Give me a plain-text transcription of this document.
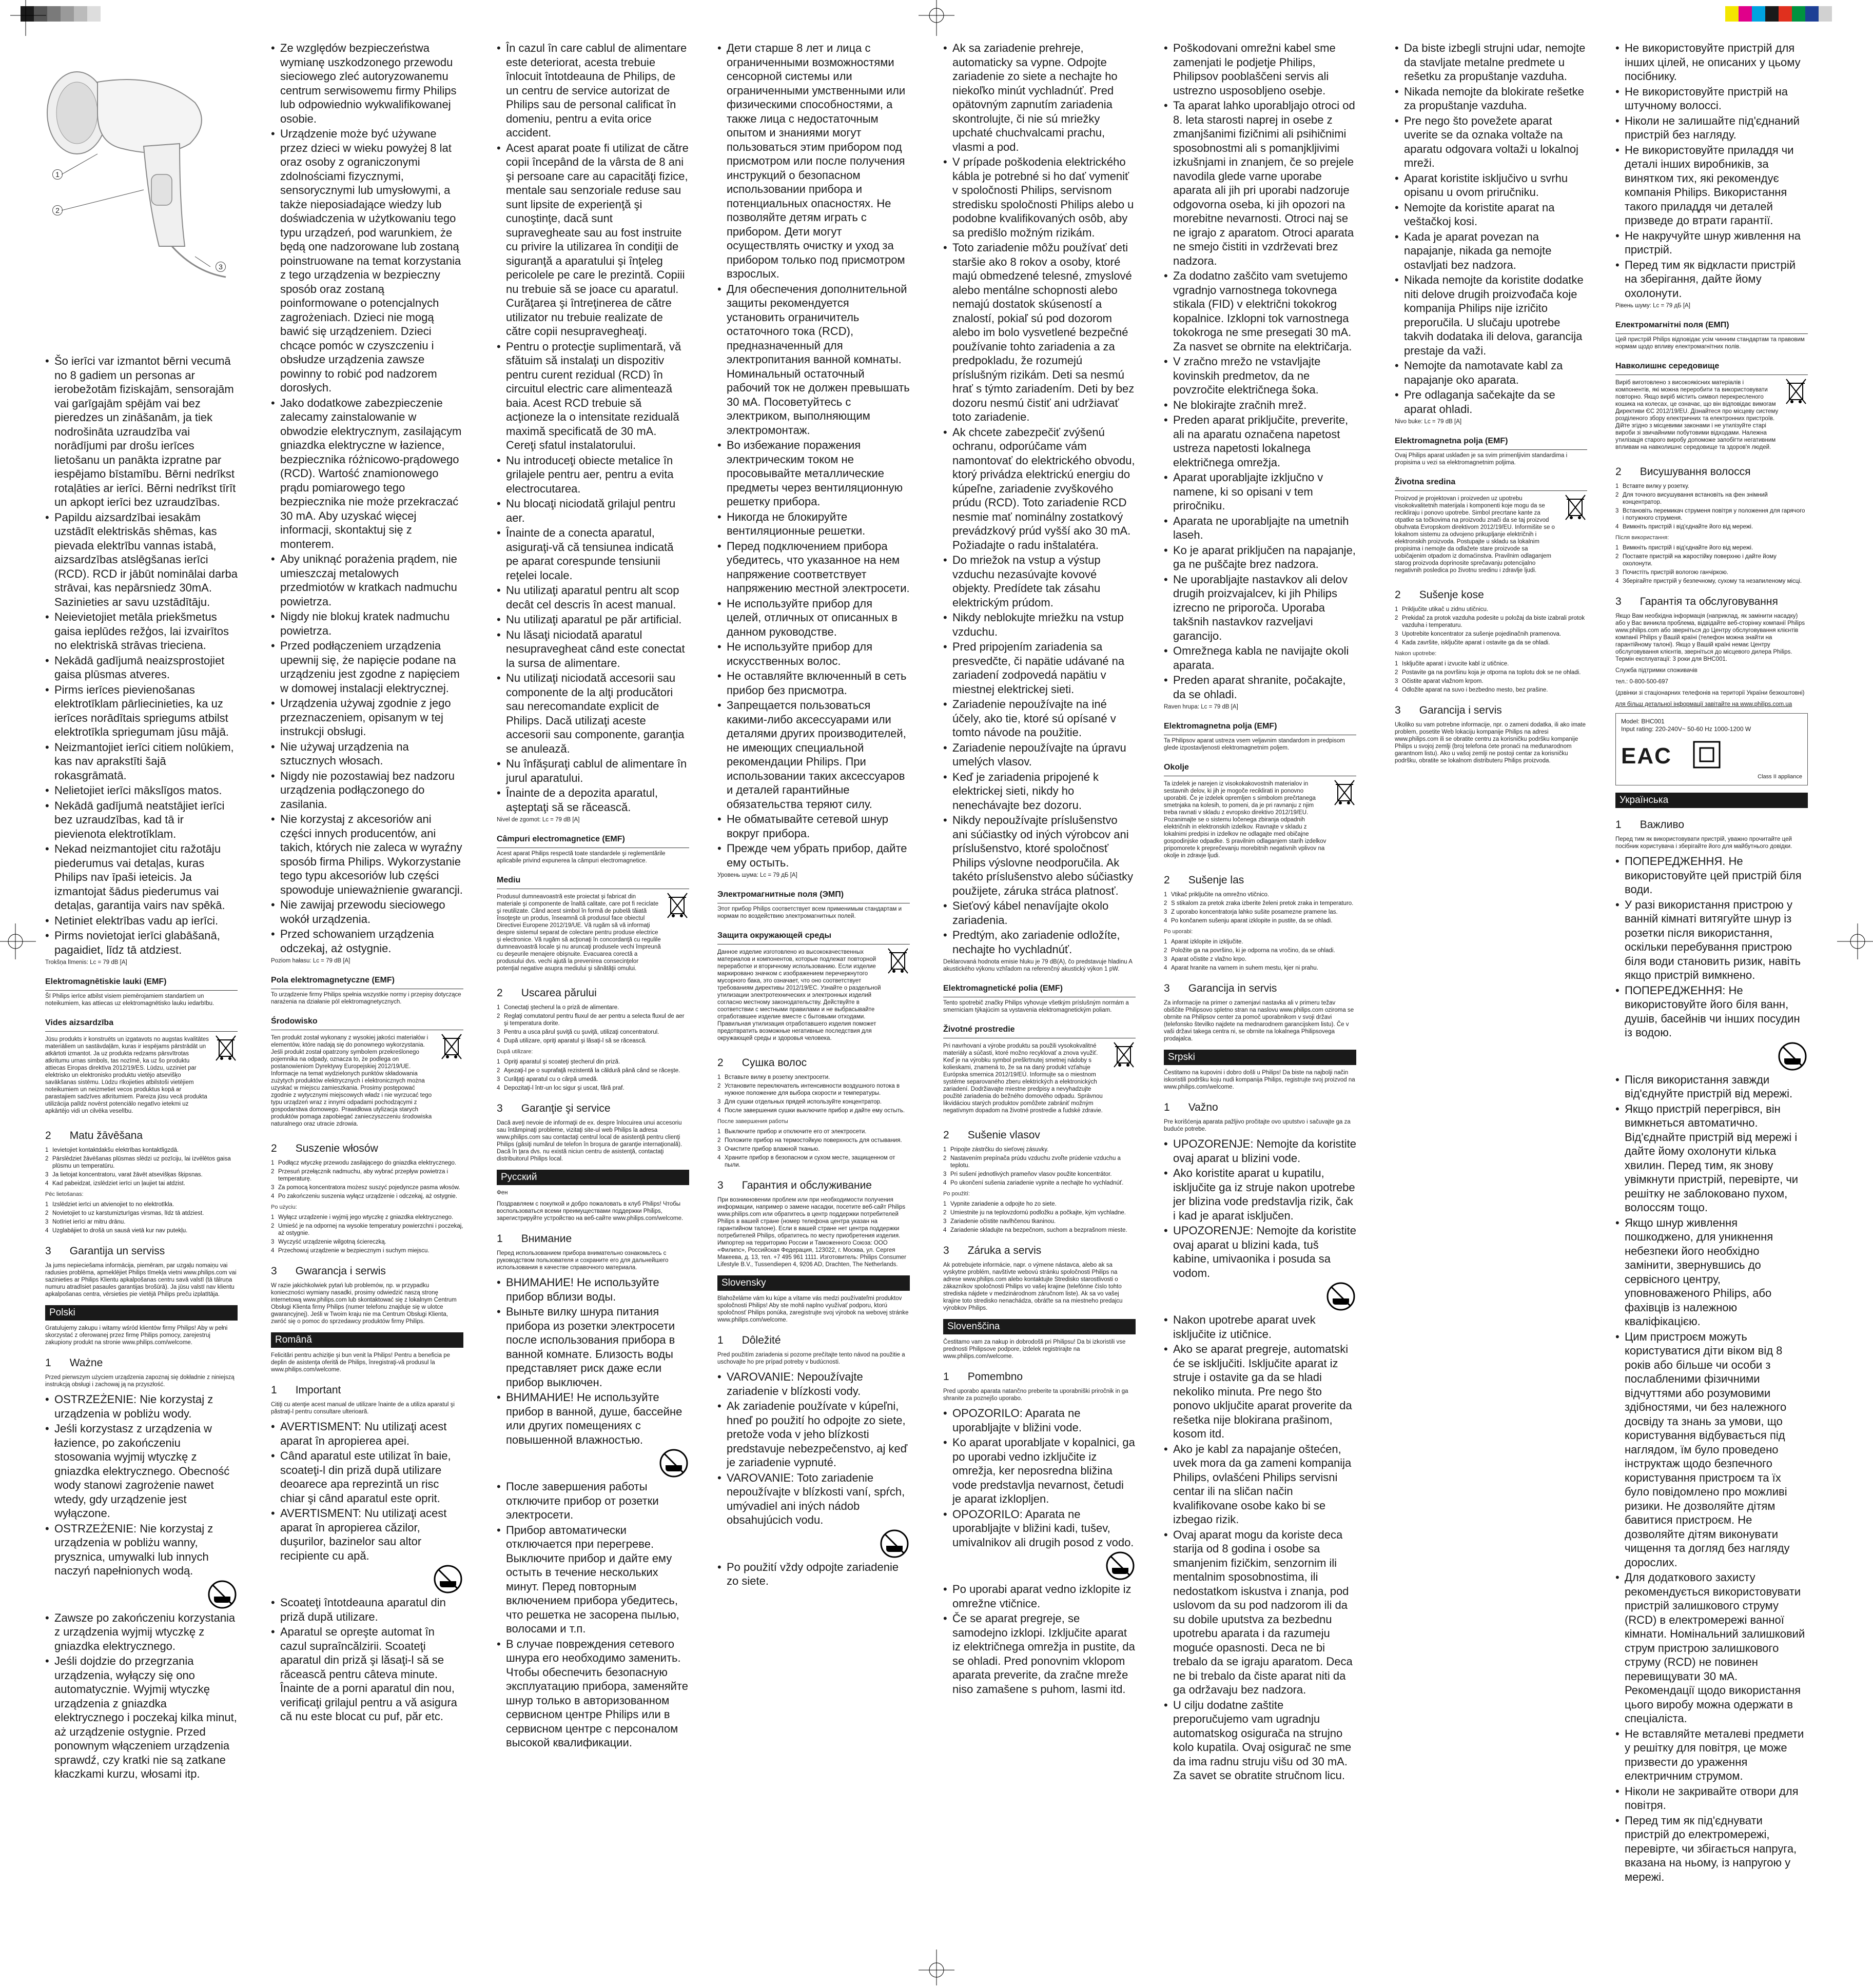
1
2
3
• Šo ierīci var izmantot bērni vecumā no 8 gadiem un personas ar ierobežotām fiziskajām, sensorajām vai garīgajām spējām vai bez pieredzes un zināšanām, ja tiek nodrošināta uzraudzība vai norādījumi par drošu ierīces lietošanu un panākta izpratne par iespējamo bīstamību. Bērni nedrīkst rotaļāties ar ierīci. Bērni nedrīkst tīrīt un apkopt ierīci bez uzraudzības.
• Papildu aizsardzībai iesakām uzstādīt elektriskās shēmas, kas pievada elektrību vannas istabā, aizsardzības atslēgšanas ierīci (RCD). RCD ir jābūt nominālai darba strāvai, kas nepārsniedz 30mA. Sazinieties ar savu uzstādītāju.
• Neievietojiet metāla priekšmetus gaisa ieplūdes režģos, lai izvairītos no elektriskā strāvas trieciena.
• Nekādā gadījumā neaizsprostojiet gaisa plūsmas atveres.
• Pirms ierīces pievienošanas elektrotīklam pārliecinieties, ka uz ierīces norādītais spriegums atbilst elektrotīkla spriegumam jūsu mājā.
• Neizmantojiet ierīci citiem nolūkiem, kas nav aprakstīti šajā rokasgrāmatā.
• Nelietojiet ierīci mākslīgos matos.
• Nekādā gadījumā neatstājiet ierīci bez uzraudzības, kad tā ir pievienota elektrotīklam.
• Nekad neizmantojiet citu ražotāju piederumus vai detaļas, kuras Philips nav īpaši ieteicis. Ja izmantojat šādus piederumus vai detaļas, garantija vairs nav spēkā.
• Netiniet elektrības vadu ap ierīci.
• Pirms novietojat ierīci glabāšanā, pagaidiet, līdz tā atdziest.
Trokšņa līmenis: Lc = 79 dB [A]
Elektromagnētiskie lauki (EMF)
Šī Philips ierīce atbilst visiem piemērojamiem standartiem un noteikumiem, kas attiecas uz elektromagnētisko lauku iedarbību.
Vides aizsardzība
Jūsu produkts ir konstruēts un izgatavots no augstas kvalitātes materiāliem un sastāvdaļām, kuras ir iespējams pārstrādāt un atkārtoti izmantot. Ja uz produkta redzams pārsvītrotas atkritumu urnas simbols, tas nozīmē, ka uz šo produktu attiecas Eiropas direktīva 2012/19/ES. Lūdzu, uzziniet par elektrisko un elektronisko produktu vietējo atsevišķo savākšanas sistēmu. Lūdzu rīkojieties atbilstoši vietējiem noteikumiem un neizmetiet vecos produktus kopā ar parastajiem sadzīves atkritumiem. Pareiza jūsu vecā produkta utilizācija palīdz novērst potenciālo negatīvo ietekmi uz apkārtējo vidi un cilvēka veselību.
2 Matu žāvēšana
1 Ievietojiet kontaktdakšu elektrības kontaktligzdā.
2 Pārslēdziet žāvēšanas plūsmas slēdzi uz pozīciju, lai izvēlētos gaisa plūsmu un temperatūru.
3 Ja lietojat koncentratoru, varat žāvēt atsevišķas šķipsnas.
4 Kad pabeidzat, izslēdziet ierīci un ļaujiet tai atdzist.
Pēc lietošanas:
1 Izslēdziet ierīci un atvienojiet to no elektrotīkla.
2 Novietojiet to uz karstumizturīgas virsmas, līdz tā atdziest.
3 Notīriet ierīci ar mitru drānu.
4 Uzglabājiet to drošā un sausā vietā kur nav putekļu.
3 Garantija un serviss
Ja jums nepieciešama informācija, piemēram, par uzgaļu nomaiņu vai radusies problēma, apmeklējiet Philips tīmekļa vietni www.philips.com vai sazinieties ar Philips Klientu apkalpošanas centru savā valstī (tā tālruņa numuru atradīsiet pasaules garantijas brošūrā). Ja jūsu valstī nav klientu apkalpošanas centra, vērsieties pie vietējā Philips preču izplatītāja.
Polski
Gratulujemy zakupu i witamy wśród klientów firmy Philips! Aby w pełni skorzystać z oferowanej przez firmę Philips pomocy, zarejestruj zakupiony produkt na stronie www.philips.com/welcome.
1 Ważne
Przed pierwszym użyciem urządzenia zapoznaj się dokładnie z niniejszą instrukcją obsługi i zachowaj ją na przyszłość.
• OSTRZEŻENIE: Nie korzystaj z urządzenia w pobliżu wody.
• Jeśli korzystasz z urządzenia w łazience, po zakończeniu stosowania wyjmij wtyczkę z gniazdka elektrycznego. Obecność wody stanowi zagrożenie nawet wtedy, gdy urządzenie jest wyłączone.
• OSTRZEŻENIE: Nie korzystaj z urządzenia w pobliżu wanny, prysznica, umywalki lub innych naczyń napełnionych wodą.
• Zawsze po zakończeniu korzystania z urządzenia wyjmij wtyczkę z gniazdka elektrycznego.
• Jeśli dojdzie do przegrzania urządzenia, wyłączy się ono automatycznie. Wyjmij wtyczkę urządzenia z gniazdka elektrycznego i poczekaj kilka minut, aż urządzenie ostygnie. Przed ponownym włączeniem urządzenia sprawdź, czy kratki nie są zatkane kłaczkami kurzu, włosami itp.
• Ze względów bezpieczeństwa wymianę uszkodzonego przewodu sieciowego zleć autoryzowanemu centrum serwisowemu firmy Philips lub odpowiednio wykwalifikowanej osobie.
• Urządzenie może być używane przez dzieci w wieku powyżej 8 lat oraz osoby z ograniczonymi zdolnościami fizycznymi, sensorycznymi lub umysłowymi, a także nieposiadające wiedzy lub doświadczenia w użytkowaniu tego typu urządzeń, pod warunkiem, że będą one nadzorowane lub zostaną poinstruowane na temat korzystania z tego urządzenia w bezpieczny sposób oraz zostaną poinformowane o potencjalnych zagrożeniach. Dzieci nie mogą bawić się urządzeniem. Dzieci chcące pomóc w czyszczeniu i obsłudze urządzenia zawsze powinny to robić pod nadzorem dorosłych.
• Jako dodatkowe zabezpieczenie zalecamy zainstalowanie w obwodzie elektrycznym, zasilającym gniazdka elektryczne w łazience, bezpiecznika różnicowo-prądowego (RCD). Wartość znamionowego prądu pomiarowego tego bezpiecznika nie może przekraczać 30 mA. Aby uzyskać więcej informacji, skontaktuj się z monterem.
• Aby uniknąć porażenia prądem, nie umieszczaj metalowych przedmiotów w kratkach nadmuchu powietrza.
• Nigdy nie blokuj kratek nadmuchu powietrza.
• Przed podłączeniem urządzenia upewnij się, że napięcie podane na urządzeniu jest zgodne z napięciem w domowej instalacji elektrycznej.
• Urządzenia używaj zgodnie z jego przeznaczeniem, opisanym w tej instrukcji obsługi.
• Nie używaj urządzenia na sztucznych włosach.
• Nigdy nie pozostawiaj bez nadzoru urządzenia podłączonego do zasilania.
• Nie korzystaj z akcesoriów ani części innych producentów, ani takich, których nie zaleca w wyraźny sposób firma Philips. Wykorzystanie tego typu akcesoriów lub części spowoduje unieważnienie gwarancji.
• Nie zawijaj przewodu sieciowego wokół urządzenia.
• Przed schowaniem urządzenia odczekaj, aż ostygnie.
Poziom hałasu: Lc = 79 dB [A]
Pola elektromagnetyczne (EMF)
To urządzenie firmy Philips spełnia wszystkie normy i przepisy dotyczące narażenia na działanie pól elektromagnetycznych.
Środowisko
Ten produkt został wykonany z wysokiej jakości materiałów i elementów, które nadają się do ponownego wykorzystania. Jeśli produkt został opatrzony symbolem przekreślonego pojemnika na odpady, oznacza to, że podlega on postanowieniom Dyrektywy Europejskiej 2012/19/UE. Informacje na temat wydzielonych punktów składowania zużytych produktów elektrycznych i elektronicznych można uzyskać w miejscu zamieszkania. Prosimy postępować zgodnie z wytycznymi miejscowych władz i nie wyrzucać tego typu urządzeń wraz z innymi odpadami pochodzącymi z gospodarstwa domowego. Prawidłowa utylizacja starych produktów pomaga zapobiegać zanieczyszczeniu środowiska naturalnego oraz utracie zdrowia.
2 Suszenie włosów
1 Podłącz wtyczkę przewodu zasilającego do gniazdka elektrycznego.
2 Przesuń przełącznik nadmuchu, aby wybrać przepływ powietrza i temperaturę.
3 Za pomocą koncentratora możesz suszyć pojedyncze pasma włosów.
4 Po zakończeniu suszenia wyłącz urządzenie i odczekaj, aż ostygnie.
Po użyciu:
1 Wyłącz urządzenie i wyjmij jego wtyczkę z gniazdka elektrycznego.
2 Umieść je na odpornej na wysokie temperatury powierzchni i poczekaj, aż ostygnie.
3 Wyczyść urządzenie wilgotną ściereczką.
4 Przechowuj urządzenie w bezpiecznym i suchym miejscu.
3 Gwarancja i serwis
W razie jakichkolwiek pytań lub problemów, np. w przypadku konieczności wymiany nasadki, prosimy odwiedzić naszą stronę internetową www.philips.com lub skontaktować się z lokalnym Centrum Obsługi Klienta firmy Philips (numer telefonu znajduje się w ulotce gwarancyjnej). Jeśli w Twoim kraju nie ma Centrum Obsługi Klienta, zwróć się o pomoc do sprzedawcy produktów firmy Philips.
Română
Felicitări pentru achiziţie şi bun venit la Philips! Pentru a beneficia pe deplin de asistenţa oferită de Philips, înregistraţi-vă produsul la www.philips.com/welcome.
1 Important
Citiţi cu atenţie acest manual de utilizare înainte de a utiliza aparatul şi păstraţi-l pentru consultare ulterioară.
• AVERTISMENT: Nu utilizaţi acest aparat în apropierea apei.
• Când aparatul este utilizat în baie, scoateţi-l din priză după utilizare deoarece apa reprezintă un risc chiar şi când aparatul este oprit.
• AVERTISMENT: Nu utilizaţi acest aparat în apropierea căzilor, duşurilor, bazinelor sau altor recipiente cu apă.
• Scoateţi întotdeauna aparatul din priză după utilizare.
• Aparatul se opreşte automat în cazul supraîncălzirii. Scoateţi aparatul din priză şi lăsaţi-l să se răcească pentru câteva minute. Înainte de a porni aparatul din nou, verificaţi grilajul pentru a vă asigura că nu este blocat cu puf, păr etc.
• În cazul în care cablul de alimentare este deteriorat, acesta trebuie înlocuit întotdeauna de Philips, de un centru de service autorizat de Philips sau de personal calificat în domeniu, pentru a evita orice accident.
• Acest aparat poate fi utilizat de către copii începând de la vârsta de 8 ani şi persoane care au capacităţi fizice, mentale sau senzoriale reduse sau sunt lipsite de experienţă şi cunoştinţe, dacă sunt supravegheate sau au fost instruite cu privire la utilizarea în condiţii de siguranţă a aparatului şi înţeleg pericolele pe care le prezintă. Copiii nu trebuie să se joace cu aparatul. Curăţarea şi întreţinerea de către utilizator nu trebuie realizate de către copii nesupravegheaţi.
• Pentru o protecţie suplimentară, vă sfătuim să instalaţi un dispozitiv pentru curent rezidual (RCD) în circuitul electric care alimentează baia. Acest RCD trebuie să acţioneze la o intensitate reziduală maximă specificată de 30 mA. Cereţi sfatul instalatorului.
• Nu introduceţi obiecte metalice în grilajele pentru aer, pentru a evita electrocutarea.
• Nu blocaţi niciodată grilajul pentru aer.
• Înainte de a conecta aparatul, asiguraţi-vă că tensiunea indicată pe aparat corespunde tensiunii reţelei locale.
• Nu utilizaţi aparatul pentru alt scop decât cel descris în acest manual.
• Nu utilizaţi aparatul pe păr artificial.
• Nu lăsaţi niciodată aparatul nesupravegheat când este conectat la sursa de alimentare.
• Nu utilizaţi niciodată accesorii sau componente de la alţi producători sau nerecomandate explicit de Philips. Dacă utilizaţi aceste accesorii sau componente, garanţia se anulează.
• Nu înfăşuraţi cablul de alimentare în jurul aparatului.
• Înainte de a depozita aparatul, aşteptaţi să se răcească.
Nivel de zgomot: Lc = 79 dB [A]
Câmpuri electromagnetice (EMF)
Acest aparat Philips respectă toate standardele şi reglementările aplicabile privind expunerea la câmpuri electromagnetice.
Mediu
Produsul dumneavoastră este proiectat şi fabricat din materiale şi componente de înaltă calitate, care pot fi reciclate şi reutilizate. Când acest simbol în formă de pubelă tăiată însoţeşte un produs, înseamnă că produsul face obiectul Directivei Europene 2012/19/UE. Vă rugăm să vă informaţi despre sistemul separat de colectare pentru produse electrice şi electronice. Vă rugăm să acţionaţi în concordanţă cu regulile dumneavoastră locale şi nu aruncaţi produsele vechi împreună cu deşeurile menajere obişnuite. Evacuarea corectă a produsului dvs. vechi ajută la prevenirea consecinţelor potenţial negative asupra mediului şi sănătăţii omului.
2 Uscarea părului
1 Conectaţi ştecherul la o priză de alimentare.
2 Reglaţi comutatorul pentru fluxul de aer pentru a selecta fluxul de aer şi temperatura dorite.
3 Pentru a usca părul şuviţă cu şuviţă, utilizaţi concentratorul.
4 După utilizare, opriţi aparatul şi lăsaţi-l să se răcească.
După utilizare:
1 Opriţi aparatul şi scoateţi ştecherul din priză.
2 Aşezaţi-l pe o suprafaţă rezistentă la căldură până când se răceşte.
3 Curăţaţi aparatul cu o cârpă umedă.
4 Depozitaţi-l într-un loc sigur şi uscat, fără praf.
3 Garanţie şi service
Dacă aveţi nevoie de informaţii de ex. despre înlocuirea unui accesoriu sau întâmpinaţi probleme, vizitaţi site-ul web Philips la adresa www.philips.com sau contactaţi centrul local de asistenţă pentru clienţi Philips (găsiţi numărul de telefon în broşura de garanţie internaţională). Dacă în ţara dvs. nu există niciun centru de asistenţă, contactaţi distribuitorul Philips local.
Русский
Фен
Поздравляем с покупкой и добро пожаловать в клуб Philips! Чтобы воспользоваться всеми преимуществами поддержки Philips, зарегистрируйте устройство на веб-сайте www.philips.com/welcome.
1 Внимание
Перед использованием прибора внимательно ознакомьтесь с руководством пользователя и сохраните его для дальнейшего использования в качестве справочного материала.
• ВНИМАНИЕ! Не используйте прибор вблизи воды.
• Выньте вилку шнура питания прибора из розетки электросети после использования прибора в ванной комнате. Близость воды представляет риск даже если прибор выключен.
• ВНИМАНИЕ! Не используйте прибор в ванной, душе, бассейне или других помещениях с повышенной влажностью.
• После завершения работы отключите прибор от розетки электросети.
• Прибор автоматически отключается при перегреве. Выключите прибор и дайте ему остыть в течение нескольких минут. Перед повторным включением прибора убедитесь, что решетка не засорена пылью, волосами и т.п.
• В случае повреждения сетевого шнура его необходимо заменить. Чтобы обеспечить безопасную эксплуатацию прибора, заменяйте шнур только в авторизованном сервисном центре Philips или в сервисном центре с персоналом высокой квалификации.
• Дети старше 8 лет и лица с ограниченными возможностями сенсорной системы или ограниченными умственными или физическими способностями, а также лица с недостаточным опытом и знаниями могут пользоваться этим прибором под присмотром или после получения инструкций о безопасном использовании прибора и потенциальных опасностях. Не позволяйте детям играть с прибором. Дети могут осуществлять очистку и уход за прибором только под присмотром взрослых.
• Для обеспечения дополнительной защиты рекомендуется установить ограничитель остаточного тока (RCD), предназначенный для электропитания ванной комнаты. Номинальный остаточный рабочий ток не должен превышать 30 мА. Посоветуйтесь с электриком, выполняющим электромонтаж.
• Во избежание поражения электрическим током не просовывайте металлические предметы через вентиляционную решетку прибора.
• Никогда не блокируйте вентиляционные решетки.
• Перед подключением прибора убедитесь, что указанное на нем напряжение соответствует напряжению местной электросети.
• Не используйте прибор для целей, отличных от описанных в данном руководстве.
• Не используйте прибор для искусственных волос.
• Не оставляйте включенный в сеть прибор без присмотра.
• Запрещается пользоваться какими-либо аксессуарами или деталями других производителей, не имеющих специальной рекомендации Philips. При использовании таких аксессуаров и деталей гарантийные обязательства теряют силу.
• Не обматывайте сетевой шнур вокруг прибора.
• Прежде чем убрать прибор, дайте ему остыть.
Уровень шума: Lc = 79 дБ [A]
Электромагнитные поля (ЭМП)
Этот прибор Philips соответствует всем применимым стандартам и нормам по воздействию электромагнитных полей.
Защита окружающей среды
Данное изделие изготовлено из высококачественных материалов и компонентов, которые подлежат повторной переработке и вторичному использованию. Если изделие маркировано значком с изображением перечеркнутого мусорного бака, это означает, что оно соответствует требованиям директивы 2012/19/ЕС. Узнайте о раздельной утилизации электротехнических и электронных изделий согласно местному законодательству. Действуйте в соответствии с местными правилами и не выбрасывайте отработавшее изделие вместе с бытовыми отходами. Правильная утилизация отработавшего изделия поможет предотвратить возможные негативные последствия для окружающей среды и здоровья человека.
2 Сушка волос
1 Вставьте вилку в розетку электросети.
2 Установите переключатель интенсивности воздушного потока в нужное положение для выбора скорости и температуры.
3 Для сушки отдельных прядей используйте концентратор.
4 После завершения сушки выключите прибор и дайте ему остыть.
После завершения работы
1 Выключите прибор и отключите его от электросети.
2 Положите прибор на термостойкую поверхность для остывания.
3 Очистите прибор влажной тканью.
4 Храните прибор в безопасном и сухом месте, защищенном от пыли.
3 Гарантия и обслуживание
При возникновении проблем или при необходимости получения информации, например о замене насадки, посетите веб-сайт Philips www.philips.com или обратитесь в центр поддержки потребителей Philips в вашей стране (номер телефона центра указан на гарантийном талоне). Если в вашей стране нет центра поддержки потребителей Philips, обратитесь по месту приобретения изделия. Импортер на территорию России и Таможенного Союза: ООО «Филипс», Российская Федерация, 123022, г. Москва, ул. Сергея Макеева, д. 13, тел. +7 495 961 1111. Изготовитель: Philips Consumer Lifestyle B.V., Tussendiepen 4, 9206 AD, Drachten, The Netherlands.
Slovensky
Blahoželáme vám ku kúpe a vítame vás medzi používateľmi produktov spoločnosti Philips! Aby ste mohli naplno využívať podporu, ktorú spoločnosť Philips ponúka, zaregistrujte svoj výrobok na webovej stránke www.philips.com/welcome.
1 Dôležité
Pred použitím zariadenia si pozorne prečítajte tento návod na použitie a uschovajte ho pre prípad potreby v budúcnosti.
• VAROVANIE: Nepoužívajte zariadenie v blízkosti vody.
• Ak zariadenie používate v kúpeľni, hneď po použití ho odpojte zo siete, pretože voda v jeho blízkosti predstavuje nebezpečenstvo, aj keď je zariadenie vypnuté.
• VAROVANIE: Toto zariadenie nepoužívajte v blízkosti vaní, spŕch, umývadiel ani iných nádob obsahujúcich vodu.
• Po použití vždy odpojte zariadenie zo siete.
• Ak sa zariadenie prehreje, automaticky sa vypne. Odpojte zariadenie zo siete a nechajte ho niekoľko minút vychladnúť. Pred opätovným zapnutím zariadenia skontrolujte, či nie sú mriežky upchaté chuchvalcami prachu, vlasmi a pod.
• V prípade poškodenia elektrického kábla je potrebné si ho dať vymeniť v spoločnosti Philips, servisnom stredisku spoločnosti Philips alebo u podobne kvalifikovaných osôb, aby sa predišlo možným rizikám.
• Toto zariadenie môžu používať deti staršie ako 8 rokov a osoby, ktoré majú obmedzené telesné, zmyslové alebo mentálne schopnosti alebo nemajú dostatok skúseností a znalostí, pokiaľ sú pod dozorom alebo im bolo vysvetlené bezpečné používanie tohto zariadenia a za predpokladu, že rozumejú príslušným rizikám. Deti sa nesmú hrať s týmto zariadením. Deti by bez dozoru nesmú čistiť ani udržiavať toto zariadenie.
• Ak chcete zabezpečiť zvýšenú ochranu, odporúčame vám namontovať do elektrického obvodu, ktorý privádza elektrickú energiu do kúpeľne, zariadenie zvyškového prúdu (RCD). Toto zariadenie RCD nesmie mať nominálny zostatkový prevádzkový prúd vyšší ako 30 mA. Požiadajte o radu inštalatéra.
• Do mriežok na vstup a výstup vzduchu nezasúvajte kovové objekty. Predídete tak zásahu elektrickým prúdom.
• Nikdy neblokujte mriežku na vstup vzduchu.
• Pred pripojením zariadenia sa presvedčte, či napätie udávané na zariadení zodpovedá napätiu v miestnej elektrickej sieti.
• Zariadenie nepoužívajte na iné účely, ako tie, ktoré sú opísané v tomto návode na použitie.
• Zariadenie nepoužívajte na úpravu umelých vlasov.
• Keď je zariadenia pripojené k elektrickej sieti, nikdy ho nenechávajte bez dozoru.
• Nikdy nepoužívajte príslušenstvo ani súčiastky od iných výrobcov ani príslušenstvo, ktoré spoločnosť Philips výslovne neodporučila. Ak takéto príslušenstvo alebo súčiastky použijete, záruka stráca platnosť.
• Sieťový kábel nenavíjajte okolo zariadenia.
• Predtým, ako zariadenie odložíte, nechajte ho vychladnúť.
Deklarovaná hodnota emisie hluku je 79 dB(A), čo predstavuje hladinu A akustického výkonu vzhľadom na referenčný akustický výkon 1 pW.
Elektromagnetické polia (EMF)
Tento spotrebič značky Philips vyhovuje všetkým príslušným normám a smerniciam týkajúcim sa vystavenia elektromagnetickým poliam.
Životné prostredie
Pri navrhovaní a výrobe produktu sa použili vysokokvalitné materiály a súčasti, ktoré možno recyklovať a znova využiť. Keď je na výrobku symbol preškrtnutej smetnej nádoby s kolieskami, znamená to, že sa na daný produkt vzťahuje Európska smernica 2012/19/EÚ. Informujte sa o miestnom systéme separovaného zberu elektrických a elektronických zariadení. Dodržiavajte miestne predpisy a nevyhadzujte použité zariadenia do bežného domového odpadu. Správnou likvidáciou starých produktov pomôžete zabrániť možným negatívnym dopadom na životné prostredie a ľudské zdravie.
2 Sušenie vlasov
1 Pripojte zástrčku do sieťovej zásuvky.
2 Nastavením prepínača prúdu vzduchu zvoľte prúdenie vzduchu a teplotu.
3 Pri sušení jednotlivých prameňov vlasov použite koncentrátor.
4 Po ukončení sušenia zariadenie vypnite a nechajte ho vychladnúť.
Po použití:
1 Vypnite zariadenie a odpojte ho zo siete.
2 Umiestnite ju na teplovzdornú podložku a počkajte, kým vychladne.
3 Zariadenie očistite navlhčenou tkaninou.
4 Zariadenie skladujte na bezpečnom, suchom a bezprašnom mieste.
3 Záruka a servis
Ak potrebujete informácie, napr. o výmene nástavca, alebo ak sa vyskytne problém, navštívte webovú stránku spoločnosti Philips na adrese www.philips.com alebo kontaktujte Stredisko starostlivosti o zákazníkov spoločnosti Philips vo vašej krajine (telefónne číslo tohto strediska nájdete v medzinárodnom záručnom liste). Ak sa vo vašej krajine toto stredisko nenachádza, obráťte sa na miestneho predajcu výrobkov Philips.
Slovenščina
Čestitamo vam za nakup in dobrodošli pri Philipsu! Da bi izkoristili vse prednosti Philipsove podpore, izdelek registrirajte na www.philips.com/welcome.
1 Pomembno
Pred uporabo aparata natančno preberite ta uporabniški priročnik in ga shranite za poznejšo uporabo.
• OPOZORILO: Aparata ne uporabljajte v bližini vode.
• Ko aparat uporabljate v kopalnici, ga po uporabi vedno izključite iz omrežja, ker neposredna bližina vode predstavlja nevarnost, četudi je aparat izklopljen.
• OPOZORILO: Aparata ne uporabljajte v bližini kadi, tušev, umivalnikov ali drugih posod z vodo.
• Po uporabi aparat vedno izklopite iz omrežne vtičnice.
• Če se aparat pregreje, se samodejno izklopi. Izključite aparat iz električnega omrežja in pustite, da se ohladi. Pred ponovnim vklopom aparata preverite, da zračne mreže niso zamašene s puhom, lasmi itd.
• Poškodovani omrežni kabel sme zamenjati le podjetje Philips, Philipsov pooblaščeni servis ali ustrezno usposobljeno osebje.
• Ta aparat lahko uporabljajo otroci od 8. leta starosti naprej in osebe z zmanjšanimi fizičnimi ali psihičnimi sposobnostmi ali s pomanjkljivimi izkušnjami in znanjem, če so prejele navodila glede varne uporabe aparata ali jih pri uporabi nadzoruje odgovorna oseba, ki jih opozori na morebitne nevarnosti. Otroci naj se ne igrajo z aparatom. Otroci aparata ne smejo čistiti in vzdrževati brez nadzora.
• Za dodatno zaščito vam svetujemo vgradnjo varnostnega tokovnega stikala (FID) v električni tokokrog kopalnice. Izklopni tok varnostnega tokokroga ne sme presegati 30 mA. Za nasvet se obrnite na električarja.
• V zračno mrežo ne vstavljajte kovinskih predmetov, da ne povzročite električnega šoka.
• Ne blokirajte zračnih mrež.
• Preden aparat priključite, preverite, ali na aparatu označena napetost ustreza napetosti lokalnega električnega omrežja.
• Aparat uporabljajte izključno v namene, ki so opisani v tem priročniku.
• Aparata ne uporabljajte na umetnih laseh.
• Ko je aparat priključen na napajanje, ga ne puščajte brez nadzora.
• Ne uporabljajte nastavkov ali delov drugih proizvajalcev, ki jih Philips izrecno ne priporoča. Uporaba takšnih nastavkov razveljavi garancijo.
• Omrežnega kabla ne navijajte okoli aparata.
• Preden aparat shranite, počakajte, da se ohladi.
Raven hrupa: Lc = 79 dB [A]
Elektromagnetna polja (EMF)
Ta Philipsov aparat ustreza vsem veljavnim standardom in predpisom glede izpostavljenosti elektromagnetnim poljem.
Okolje
Ta izdelek je narejen iz visokokakovostnih materialov in sestavnih delov, ki jih je mogoče reciklirati in ponovno uporabiti. Če je izdelek opremljen s simbolom prečrtanega smetnjaka na kolesih, to pomeni, da je pri ravnanju z njim treba ravnati v skladu z evropsko direktivo 2012/19/EU. Pozanimajte se o sistemu ločenega zbiranja odpadnih električnih in elektronskih izdelkov. Ravnajte v skladu z lokalnimi predpisi in izdelkov ne odlagajte med običajne gospodinjske odpadke. S pravilnim odlaganjem starih izdelkov pripomorete k preprečevanju morebitnih negativnih vplivov na okolje in zdravje ljudi.
2 Sušenje las
1 Vtikač priključite na omrežno vtičnico.
2 S stikalom za pretok zraka izberite želeni pretok zraka in temperaturo.
3 Z uporabo koncentratorja lahko sušite posamezne pramene las.
4 Po končanem sušenju aparat izklopite in pustite, da se ohladi.
Po uporabi:
1 Aparat izklopite in izključite.
2 Položite ga na površino, ki je odporna na vročino, da se ohladi.
3 Aparat očistite z vlažno krpo.
4 Aparat hranite na varnem in suhem mestu, kjer ni prahu.
3 Garancija in servis
Za informacije na primer o zamenjavi nastavka ali v primeru težav obiščite Philipsovo spletno stran na naslovu www.philips.com oziroma se obrnite na Philipsov center za pomoč uporabnikom v svoji državi (telefonsko številko najdete na mednarodnem garancijskem listu). Če v vaši državi takega centra ni, se obrnite na lokalnega Philipsovega prodajalca.
Srpski
Čestitamo na kupovini i dobro došli u Philips! Da biste na najbolji način iskoristili podršku koju nudi kompanija Philips, registrujte svoj proizvod na www.philips.com/welcome.
1 Važno
Pre korišćenja aparata pažljivo pročitajte ovo uputstvo i sačuvajte ga za buduće potrebe.
• UPOZORENJE: Nemojte da koristite ovaj aparat u blizini vode.
• Ako koristite aparat u kupatilu, isključite ga iz struje nakon upotrebe jer blizina vode predstavlja rizik, čak i kad je aparat isključen.
• UPOZORENJE: Nemojte da koristite ovaj aparat u blizini kada, tuš kabine, umivaonika i posuda sa vodom.
• Nakon upotrebe aparat uvek isključite iz utičnice.
• Ako se aparat pregreje, automatski će se isključiti. Isključite aparat iz struje i ostavite ga da se hladi nekoliko minuta. Pre nego što ponovo uključite aparat proverite da rešetka nije blokirana prašinom, kosom itd.
• Ako je kabl za napajanje oštećen, uvek mora da ga zameni kompanija Philips, ovlašćeni Philips servisni centar ili na sličan način kvalifikovane osobe kako bi se izbegao rizik.
• Ovaj aparat mogu da koriste deca starija od 8 godina i osobe sa smanjenim fizičkim, senzornim ili mentalnim sposobnostima, ili nedostatkom iskustva i znanja, pod uslovom da su pod nadzorom ili da su dobile uputstva za bezbednu upotrebu aparata i da razumeju moguće opasnosti. Deca ne bi trebalo da se igraju aparatom. Deca ne bi trebalo da čiste aparat niti da ga održavaju bez nadzora.
• U cilju dodatne zaštite preporučujemo vam ugradnju automatskog osigurača na strujno kolo kupatila. Ovaj osigurač ne sme da ima radnu struju višu od 30 mA. Za savet se obratite stručnom licu.
• Da biste izbegli strujni udar, nemojte da stavljate metalne predmete u rešetku za propuštanje vazduha.
• Nikada nemojte da blokirate rešetke za propuštanje vazduha.
• Pre nego što povežete aparat uverite se da oznaka voltaže na aparatu odgovara voltaži u lokalnoj mreži.
• Aparat koristite isključivo u svrhu opisanu u ovom priručniku.
• Nemojte da koristite aparat na veštačkoj kosi.
• Kada je aparat povezan na napajanje, nikada ga nemojte ostavljati bez nadzora.
• Nikada nemojte da koristite dodatke niti delove drugih proizvođača koje kompanija Philips nije izričito preporučila. U slučaju upotrebe takvih dodataka ili delova, garancija prestaje da važi.
• Nemojte da namotavate kabl za napajanje oko aparata.
• Pre odlaganja sačekajte da se aparat ohladi.
Nivo buke: Lc = 79 dB [A]
Elektromagnetna polja (EMF)
Ovaj Philips aparat usklađen je sa svim primenljivim standardima i propisima u vezi sa elektromagnetnim poljima.
Životna sredina
Proizvod je projektovan i proizveden uz upotrebu visokokvalitetnih materijala i komponenti koje mogu da se recikliraju i ponovo upotrebe. Simbol precrtane kante za otpatke sa točkovima na proizvodu znači da se taj proizvod obuhvata Evropskom direktivom 2012/19/EU. Informišite se o lokalnom sistemu za odvojeno prikupljanje električnih i elektronskih proizvoda. Postupajte u skladu sa lokalnim propisima i nemojte da odlažete stare proizvode sa uobičajenim otpadom iz domaćinstva. Pravilnim odlaganjem starog proizvoda doprinosite sprečavanju potencijalno negativnih posledica po životnu sredinu i zdravlje ljudi.
2 Sušenje kose
1 Priključite utikač u zidnu utičnicu.
2 Prekidač za protok vazduha podesite u položaj da biste izabrali protok vazduha i temperaturu.
3 Upotrebite koncentrator za sušenje pojedinačnih pramenova.
4 Kada završite, isključite aparat i ostavite ga da se ohladi.
Nakon upotrebe:
1 Isključite aparat i izvucite kabl iz utičnice.
2 Postavite ga na površinu koja je otporna na toplotu dok se ne ohladi.
3 Očistite aparat vlažnom krpom.
4 Odložite aparat na suvo i bezbedno mesto, bez prašine.
3 Garancija i servis
Ukoliko su vam potrebne informacije, npr. o zameni dodatka, ili ako imate problem, posetite Web lokaciju kompanije Philips na adresi www.philips.com ili se obratite centru za korisničku podršku kompanije Philips u svojoj zemlji (broj telefona ćete pronaći na međunarodnom garantnom listu). Ako u vašoj zemlji ne postoji centar za korisničku podršku, obratite se lokalnom distributeru Philips proizvoda.
• Не використовуйте пристрій для інших цілей, не описаних у цьому посібнику.
• Не використовуйте пристрій на штучному волоссі.
• Ніколи не залишайте під'єднаний пристрій без нагляду.
• Не використовуйте приладдя чи деталі інших виробників, за винятком тих, які рекомендує компанія Philips. Використання такого приладдя чи деталей призведе до втрати гарантії.
• Не накручуйте шнур живлення на пристрій.
• Перед тим як відкласти пристрій на зберігання, дайте йому охолонути.
Рівень шуму: Lc = 79 дБ [A]
Електромагнітні поля (ЕМП)
Цей пристрій Philips відповідає усім чинним стандартам та правовим нормам щодо впливу електромагнітних полів.
Навколишнє середовище
Виріб виготовлено з високоякісних матеріалів і компонентів, які можна переробити та використовувати повторно. Якщо виріб містить символ перекресленого кошика на колесах, це означає, що він відповідає вимогам Директиви ЄС 2012/19/EU. Дізнайтеся про місцеву систему розділеного збору електричних та електронних пристроїв. Дійте згідно з місцевими законами і не утилізуйте старі вироби зі звичайними побутовими відходами. Належна утилізація старого виробу допоможе запобігти негативним впливам на навколишнє середовище та здоров'я людей.
2 Висушування волосся
1 Вставте вилку у розетку.
2 Для точного висушування встановіть на фен знімний концентратор.
3 Встановіть перемикач струменя повітря у положення для гарячого і потужного струменя.
4 Вимкніть пристрій і від'єднайте його від мережі.
Після використання:
1 Вимкніть пристрій і від'єднайте його від мережі.
2 Поставте пристрій на жаростійку поверхню і дайте йому охолонути.
3 Почистіть пристрій вологою ганчіркою.
4 Зберігайте пристрій у безпечному, сухому та незапиленому місці.
3 Гарантія та обслуговування
Якщо Вам необхідна інформація (наприклад, як замінити насадку) або у Вас виникла проблема, відвідайте веб-сторінку компанії Philips www.philips.com або зверніться до Центру обслуговування клієнтів компанії Philips у Вашій країні (телефон можна знайти на гарантійному талоні). Якщо у Вашій країні немає Центру обслуговування клієнтів, зверніться до місцевого дилера Philips. Термін експлуатації: 3 роки для BHC001.
Служба підтримки споживачів
тел.: 0-800-500-697
(дзвінки зі стаціонарних телефонів на території України безкоштовні)
для більш детальної інформації завітайте на www.philips.com.ua
Model: BHC001
Input rating: 220-240V~ 50-60 Hz 1000-1200 W
EAC
Class II appliance
Українська
1 Важливо
Перед тим як використовувати пристрій, уважно прочитайте цей посібник користувача і зберігайте його для майбутнього довідки.
• ПОПЕРЕДЖЕННЯ. Не використовуйте цей пристрій біля води.
• У разі використання пристрою у ванній кімнаті витягуйте шнур із розетки після використання, оскільки перебування пристрою біля води становить ризик, навіть якщо пристрій вимкнено.
• ПОПЕРЕДЖЕННЯ: Не використовуйте його біля ванн, душів, басейнів чи інших посудин із водою.
• Після використання завжди від'єднуйте пристрій від мережі.
• Якщо пристрій перегрівся, він вимкнеться автоматично. Від'єднайте пристрій від мережі і дайте йому охолонути кілька хвилин. Перед тим, як знову увімкнути пристрій, перевірте, чи решітку не заблоковано пухом, волоссям тощо.
• Якщо шнур живлення пошкоджено, для уникнення небезпеки його необхідно замінити, звернувшись до сервісного центру, уповноваженого Philips, або фахівців із належною кваліфікацією.
• Цим пристроєм можуть користуватися діти віком від 8 років або більше чи особи з послабленими фізичними відчуттями або розумовими здібностями, чи без належного досвіду та знань за умови, що користування відбувається під наглядом, їм було проведено інструктаж щодо безпечного користування пристроєм та їх було повідомлено про можливі ризики. Не дозволяйте дітям бавитися пристроєм. Не дозволяйте дітям виконувати чищення та догляд без нагляду дорослих.
• Для додаткового захисту рекомендується використовувати пристрій залишкового струму (RCD) в електромережі ванної кімнати. Номінальний залишковий струм пристрою залишкового струму (RCD) не повинен перевищувати 30 мА. Рекомендації щодо використання цього виробу можна одержати в спеціаліста.
• Не вставляйте металеві предмети у решітку для повітря, це може призвести до ураження електричним струмом.
• Ніколи не закривайте отвори для повітря.
• Перед тим як під'єднувати пристрій до електромережі, перевірте, чи збігається напруга, вказана на ньому, із напругою у мережі.
